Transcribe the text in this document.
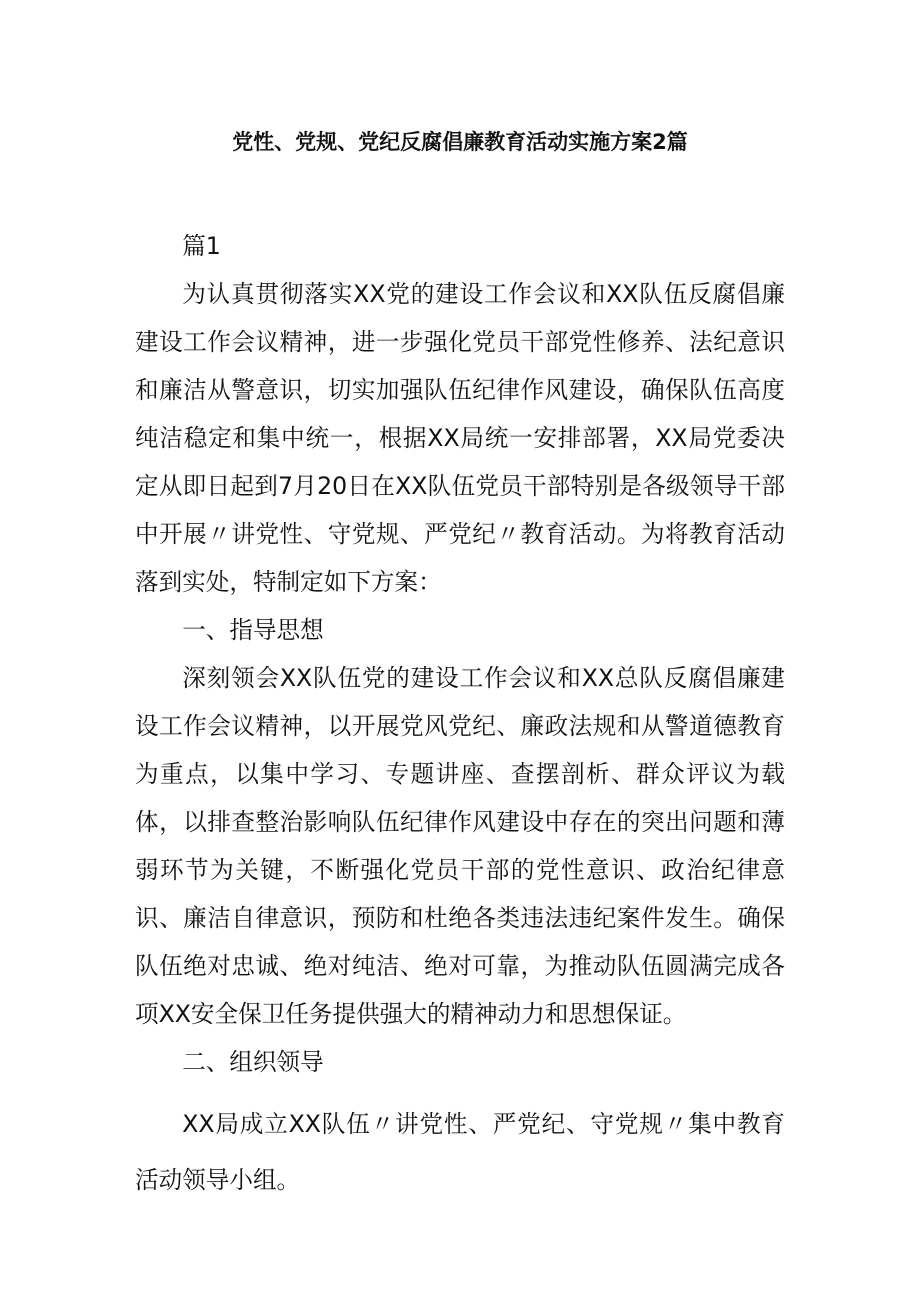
党性、党规、党纪反腐倡廉教育活动实施方案2篇

篇1

为认真贯彻落实XX党的建设工作会议和XX队伍反腐倡廉建设工作会议精神，进一步强化党员干部党性修养、法纪意识和廉洁从警意识，切实加强队伍纪律作风建设，确保队伍高度纯洁稳定和集中统一，根据XX局统一安排部署，XX局党委决定从即日起到7月20日在XX队伍党员干部特别是各级领导干部中开展〃讲党性、守党规、严党纪〃教育活动。为将教育活动落到实处，特制定如下方案：

一、指导思想

深刻领会XX队伍党的建设工作会议和XX总队反腐倡廉建设工作会议精神，以开展党风党纪、廉政法规和从警道德教育为重点，以集中学习、专题讲座、查摆剖析、群众评议为载体，以排查整治影响队伍纪律作风建设中存在的突出问题和薄弱环节为关键，不断强化党员干部的党性意识、政治纪律意识、廉洁自律意识，预防和杜绝各类违法违纪案件发生。确保队伍绝对忠诚、绝对纯洁、绝对可靠，为推动队伍圆满完成各项XX安全保卫任务提供强大的精神动力和思想保证。

二、组织领导

XX局成立XX队伍〃讲党性、严党纪、守党规〃集中教育活动领导小组。
